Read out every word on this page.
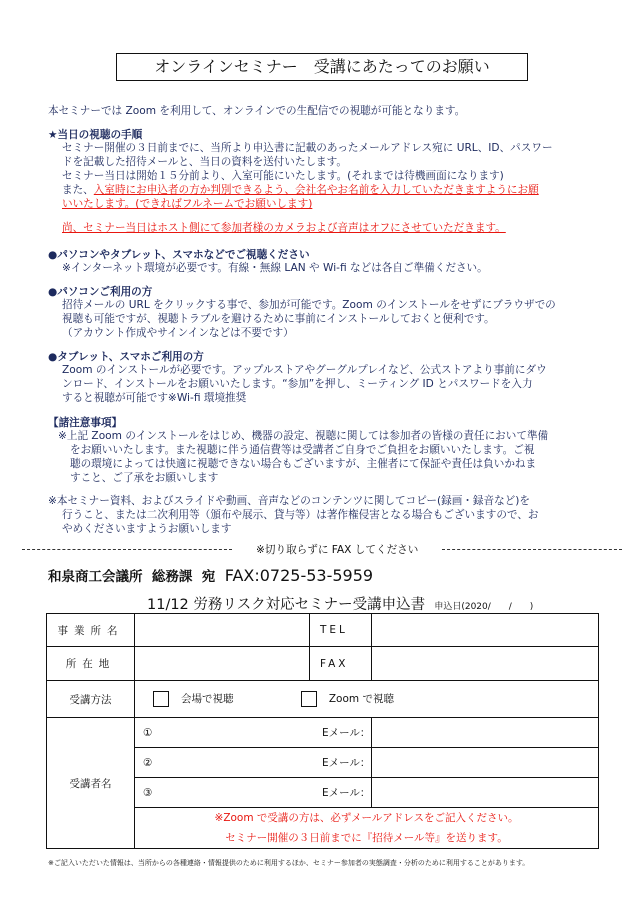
オンラインセミナー　受講にあたってのお願い
本セミナーでは Zoom を利用して、オンラインでの生配信での視聴が可能となります。
★当日の視聴の手順
セミナー開催の３日前までに、当所より申込書に記載のあったメールアドレス宛に URL、ID、パスワー
ドを記載した招待メールと、当日の資料を送付いたします。
セミナー当日は開始１５分前より、入室可能にいたします。(それまでは待機画面になります)
また、入室時にお申込者の方か判別できるよう、会社名やお名前を入力していただきますようにお願
いいたします。(できればフルネームでお願いします)
尚、セミナー当日はホスト側にて参加者様のカメラおよび音声はオフにさせていただきます。
●パソコンやタブレット、スマホなどでご視聴ください
※インターネット環境が必要です。有線・無線 LAN や Wi-fi などは各自ご準備ください。
●パソコンご利用の方
招待メールの URL をクリックする事で、参加が可能です。Zoom のインストールをせずにブラウザでの
視聴も可能ですが、視聴トラブルを避けるために事前にインストールしておくと便利です。
（アカウント作成やサインインなどは不要です）
●タブレット、スマホご利用の方
Zoom のインストールが必要です。アップルストアやグーグルプレイなど、公式ストアより事前にダウ
ンロード、インストールをお願いいたします。“参加”を押し、ミーティング ID とパスワードを入力
すると視聴が可能です※Wi-fi 環境推奨
【諸注意事項】
※上記 Zoom のインストールをはじめ、機器の設定、視聴に関しては参加者の皆様の責任において準備
をお願いいたします。また視聴に伴う通信費等は受講者ご自身でご負担をお願いいたします。ご視
聴の環境によっては快適に視聴できない場合もございますが、主催者にて保証や責任は負いかねま
すこと、ご了承をお願いします
※本セミナー資料、およびスライドや動画、音声などのコンテンツに関してコピー(録画・録音など)を
行うこと、または二次利用等（頒布や展示、貸与等）は著作権侵害となる場合もございますので、お
やめくださいますようお願いします
※切り取らずに FAX してください
和泉商工会議所  総務課  宛 FAX:0725-53-5959
11/12 労務リスク対応セミナー受講申込書 申込日(2020/　　/　　)
事業所名		TEL	
所在地		FAX	
受講方法	会場で視聴 Zoom で視聴		
受講者名	①		Eメール：
	②		Eメール：
	③		Eメール：
	※Zoom で受講の方は、必ずメールアドレスをご記入ください。		
	セミナー開催の３日前までに『招待メール等』を送ります。		
※ご記入いただいた情報は、当所からの各種連絡・情報提供のために利用するほか、セミナー参加者の実態調査・分析のために利用することがあります。
